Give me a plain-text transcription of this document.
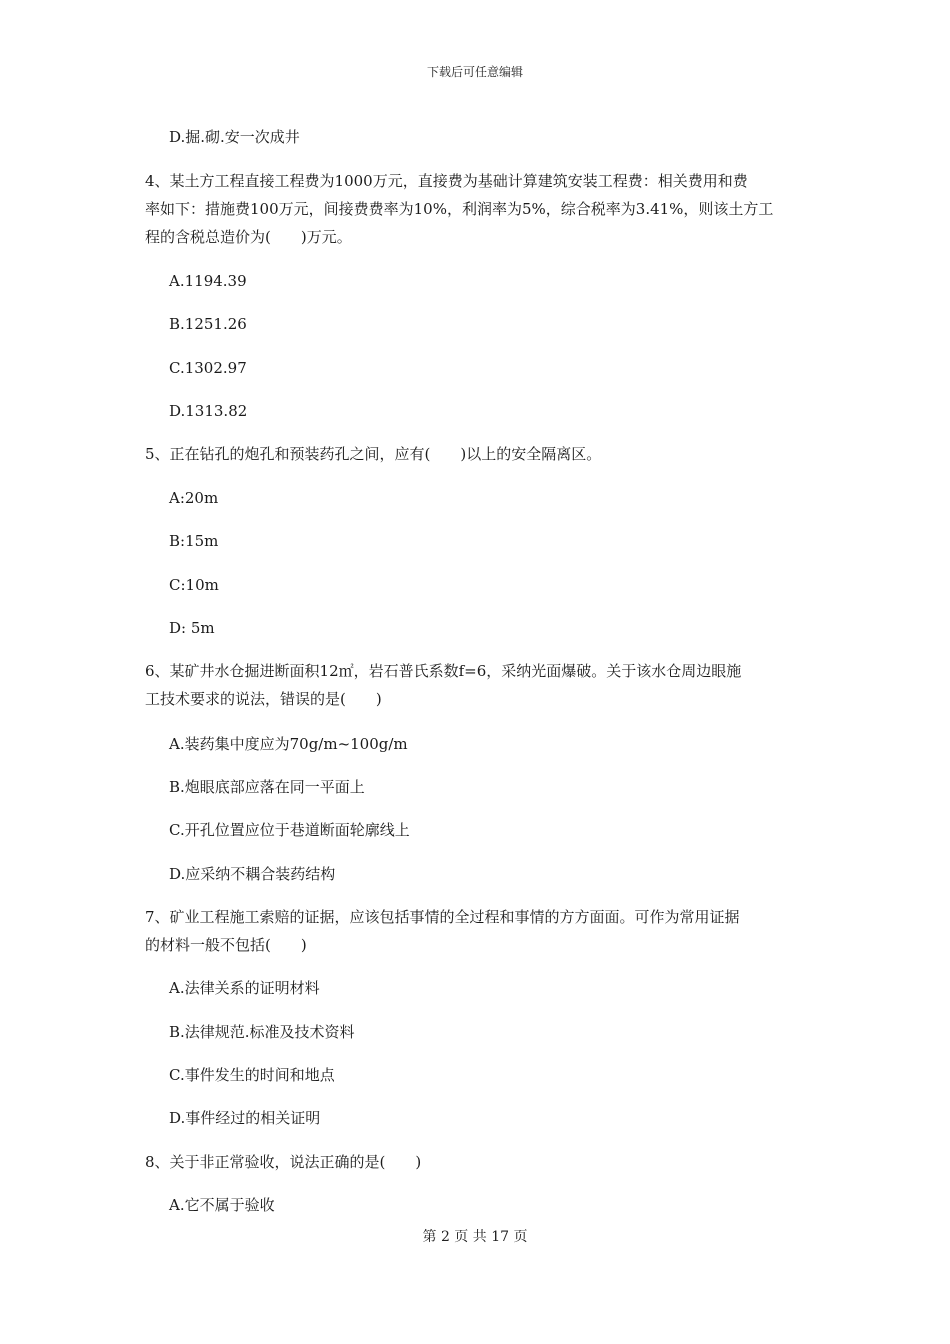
下载后可任意编辑
D.掘.砌.安一次成井
4、某土方工程直接工程费为1000万元，直接费为基础计算建筑安装工程费：相关费用和费
率如下：措施费100万元，间接费费率为10%，利润率为5%，综合税率为3.41%，则该土方工
程的含税总造价为(　　)万元。
A.1194.39
B.1251.26
C.1302.97
D.1313.82
5、正在钻孔的炮孔和预装药孔之间，应有(　　)以上的安全隔离区。
A:20m
B:15m
C:10m
D: 5m
6、某矿井水仓掘进断面积12㎡，岩石普氏系数f=6，采纳光面爆破。关于该水仓周边眼施
工技术要求的说法，错误的是(　　)
A.装药集中度应为70g/m~100g/m
B.炮眼底部应落在同一平面上
C.开孔位置应位于巷道断面轮廓线上
D.应采纳不耦合装药结构
7、矿业工程施工索赔的证据，应该包括事情的全过程和事情的方方面面。可作为常用证据
的材料一般不包括(　　)
A.法律关系的证明材料
B.法律规范.标准及技术资料
C.事件发生的时间和地点
D.事件经过的相关证明
8、关于非正常验收，说法正确的是(　　)
A.它不属于验收
第 2 页 共 17 页
